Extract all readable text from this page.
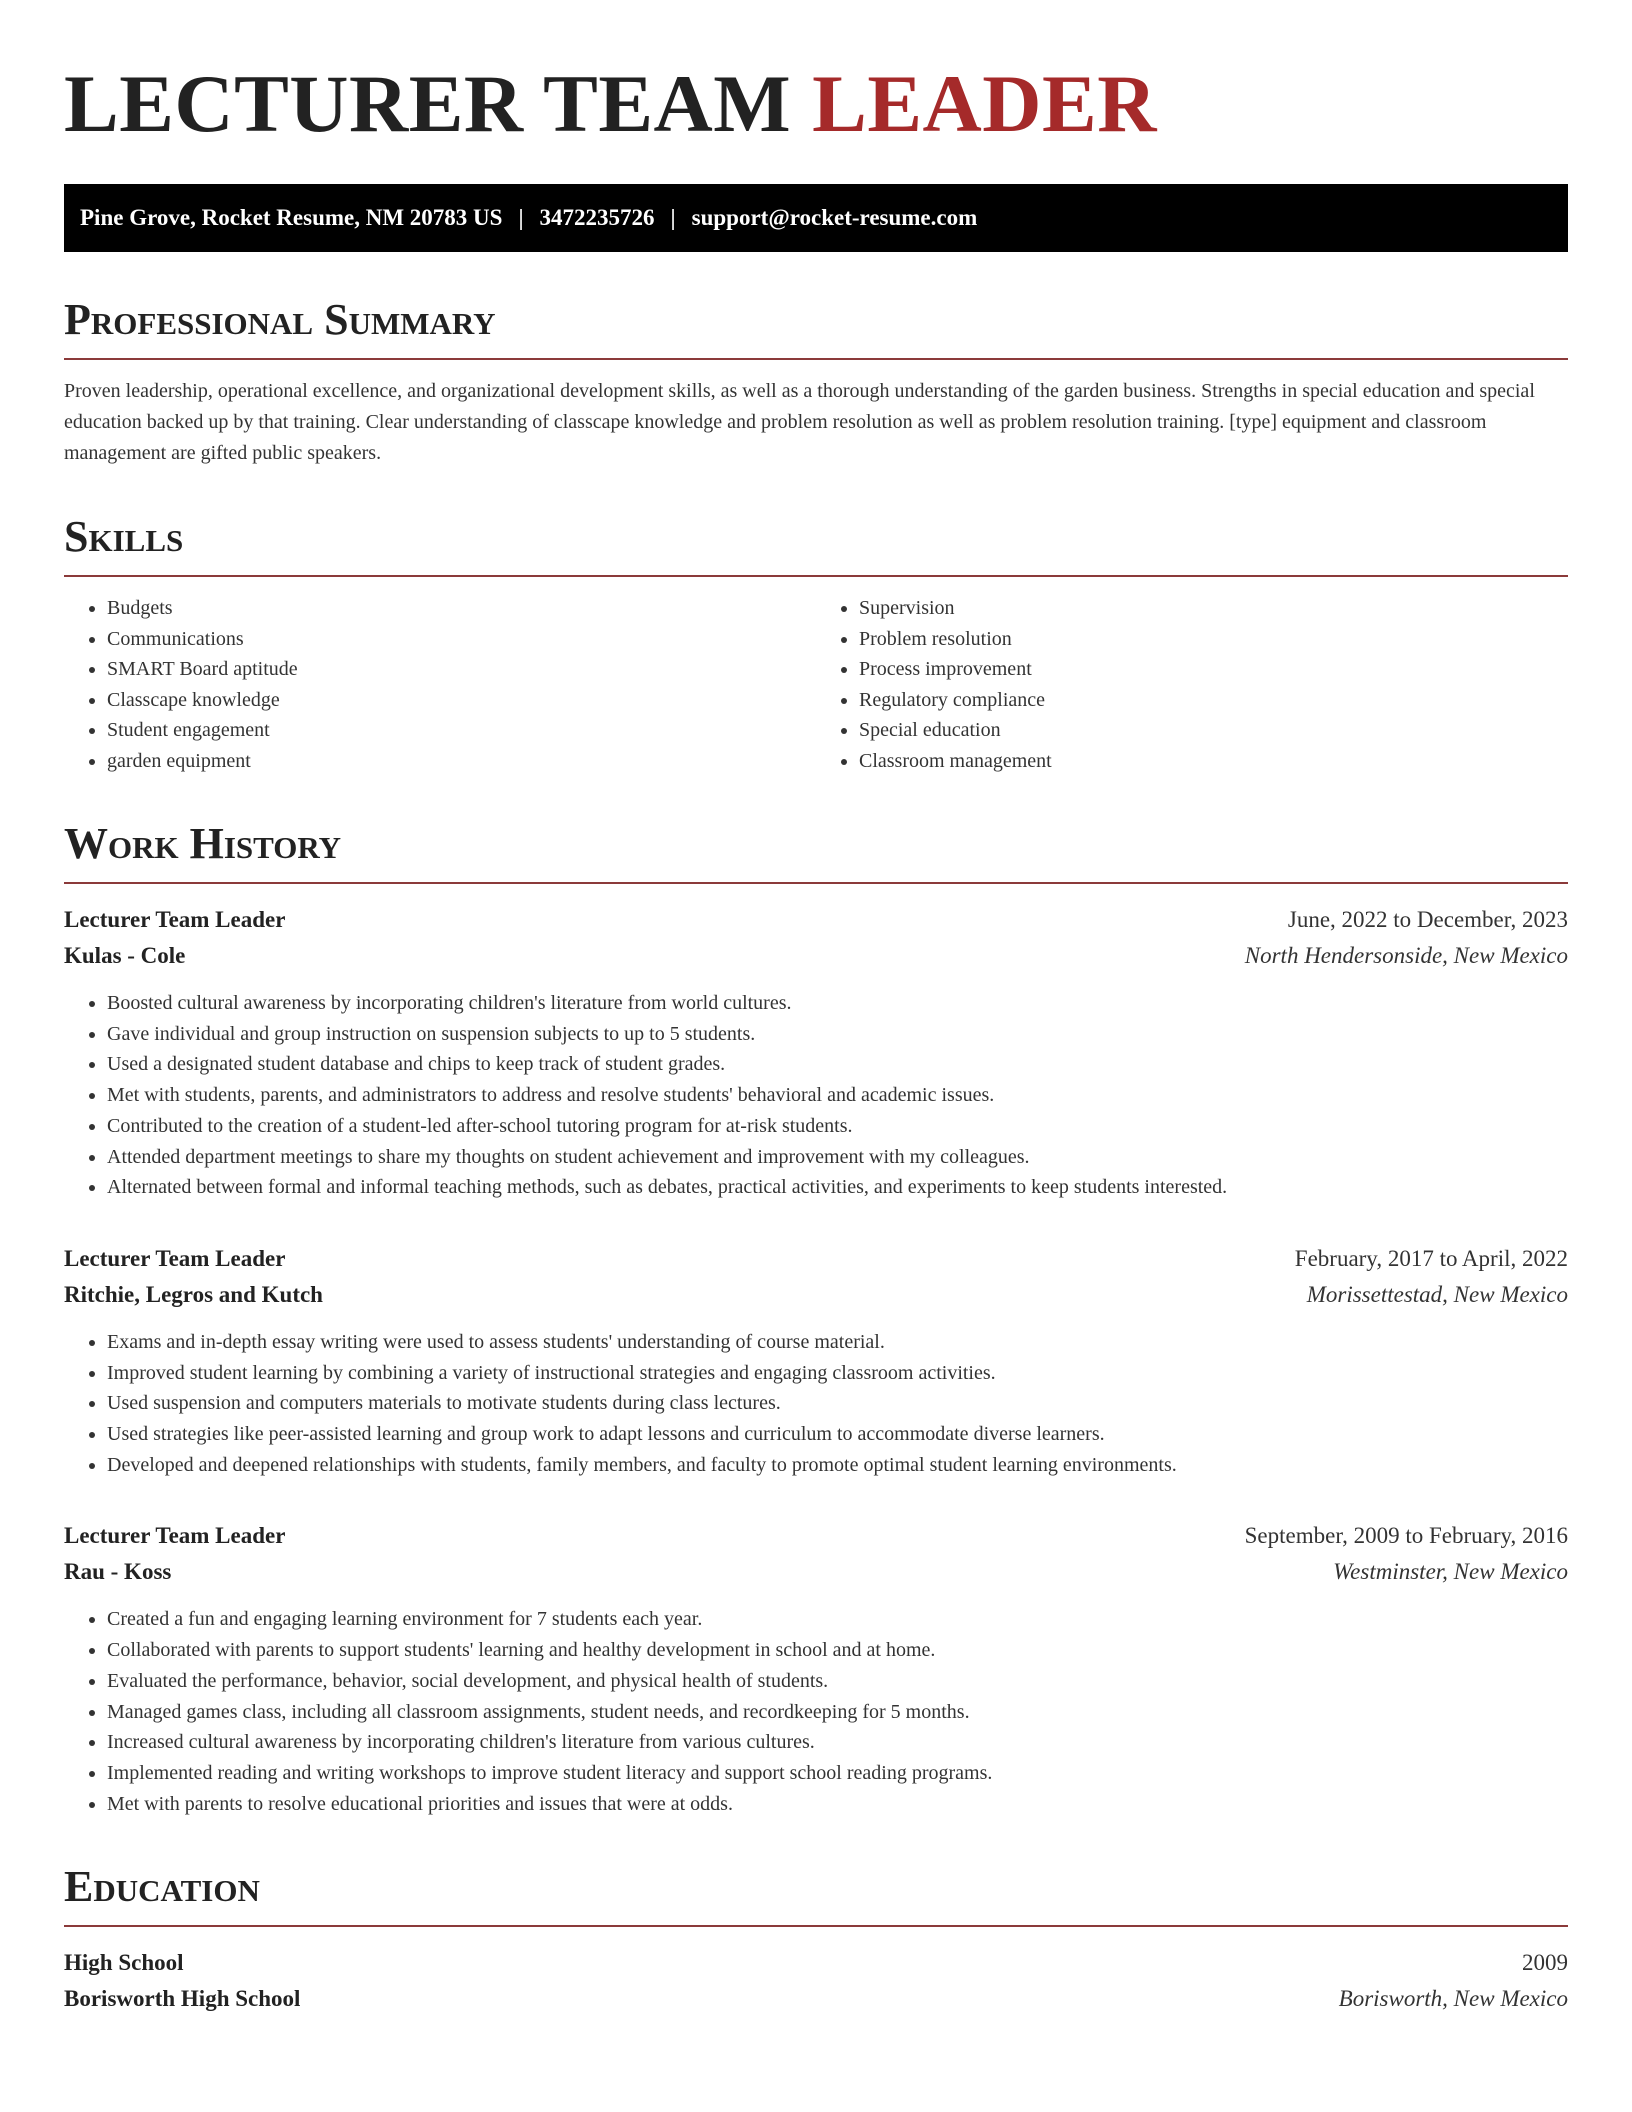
LECTURER TEAM LEADER
Pine Grove, Rocket Resume, NM 20783 US | 3472235726 | support@rocket-resume.com
Professional Summary

Proven leadership, operational excellence, and organizational development skills, as well as a thorough understanding of the garden business. Strengths in special education and special education backed up by that training. Clear understanding of classcape knowledge and problem resolution as well as problem resolution training. [type] equipment and classroom management are gifted public speakers.

Skills
• Budgets
• Communications
• SMART Board aptitude
• Classcape knowledge
• Student engagement
• garden equipment
• Supervision
• Problem resolution
• Process improvement
• Regulatory compliance
• Special education
• Classroom management
Work History
Lecturer Team Leader	June, 2022 to December, 2023
Kulas - Cole	North Hendersonside, New Mexico
• Boosted cultural awareness by incorporating children's literature from world cultures.
• Gave individual and group instruction on suspension subjects to up to 5 students.
• Used a designated student database and chips to keep track of student grades.
• Met with students, parents, and administrators to address and resolve students' behavioral and academic issues.
• Contributed to the creation of a student-led after-school tutoring program for at-risk students.
• Attended department meetings to share my thoughts on student achievement and improvement with my colleagues.
• Alternated between formal and informal teaching methods, such as debates, practical activities, and experiments to keep students interested.
Lecturer Team Leader	February, 2017 to April, 2022
Ritchie, Legros and Kutch	Morissettestad, New Mexico
• Exams and in-depth essay writing were used to assess students' understanding of course material.
• Improved student learning by combining a variety of instructional strategies and engaging classroom activities.
• Used suspension and computers materials to motivate students during class lectures.
• Used strategies like peer-assisted learning and group work to adapt lessons and curriculum to accommodate diverse learners.
• Developed and deepened relationships with students, family members, and faculty to promote optimal student learning environments.
Lecturer Team Leader	September, 2009 to February, 2016
Rau - Koss	Westminster, New Mexico
• Created a fun and engaging learning environment for 7 students each year.
• Collaborated with parents to support students' learning and healthy development in school and at home.
• Evaluated the performance, behavior, social development, and physical health of students.
• Managed games class, including all classroom assignments, student needs, and recordkeeping for 5 months.
• Increased cultural awareness by incorporating children's literature from various cultures.
• Implemented reading and writing workshops to improve student literacy and support school reading programs.
• Met with parents to resolve educational priorities and issues that were at odds.
Education
High School	2009
Borisworth High School	Borisworth, New Mexico
